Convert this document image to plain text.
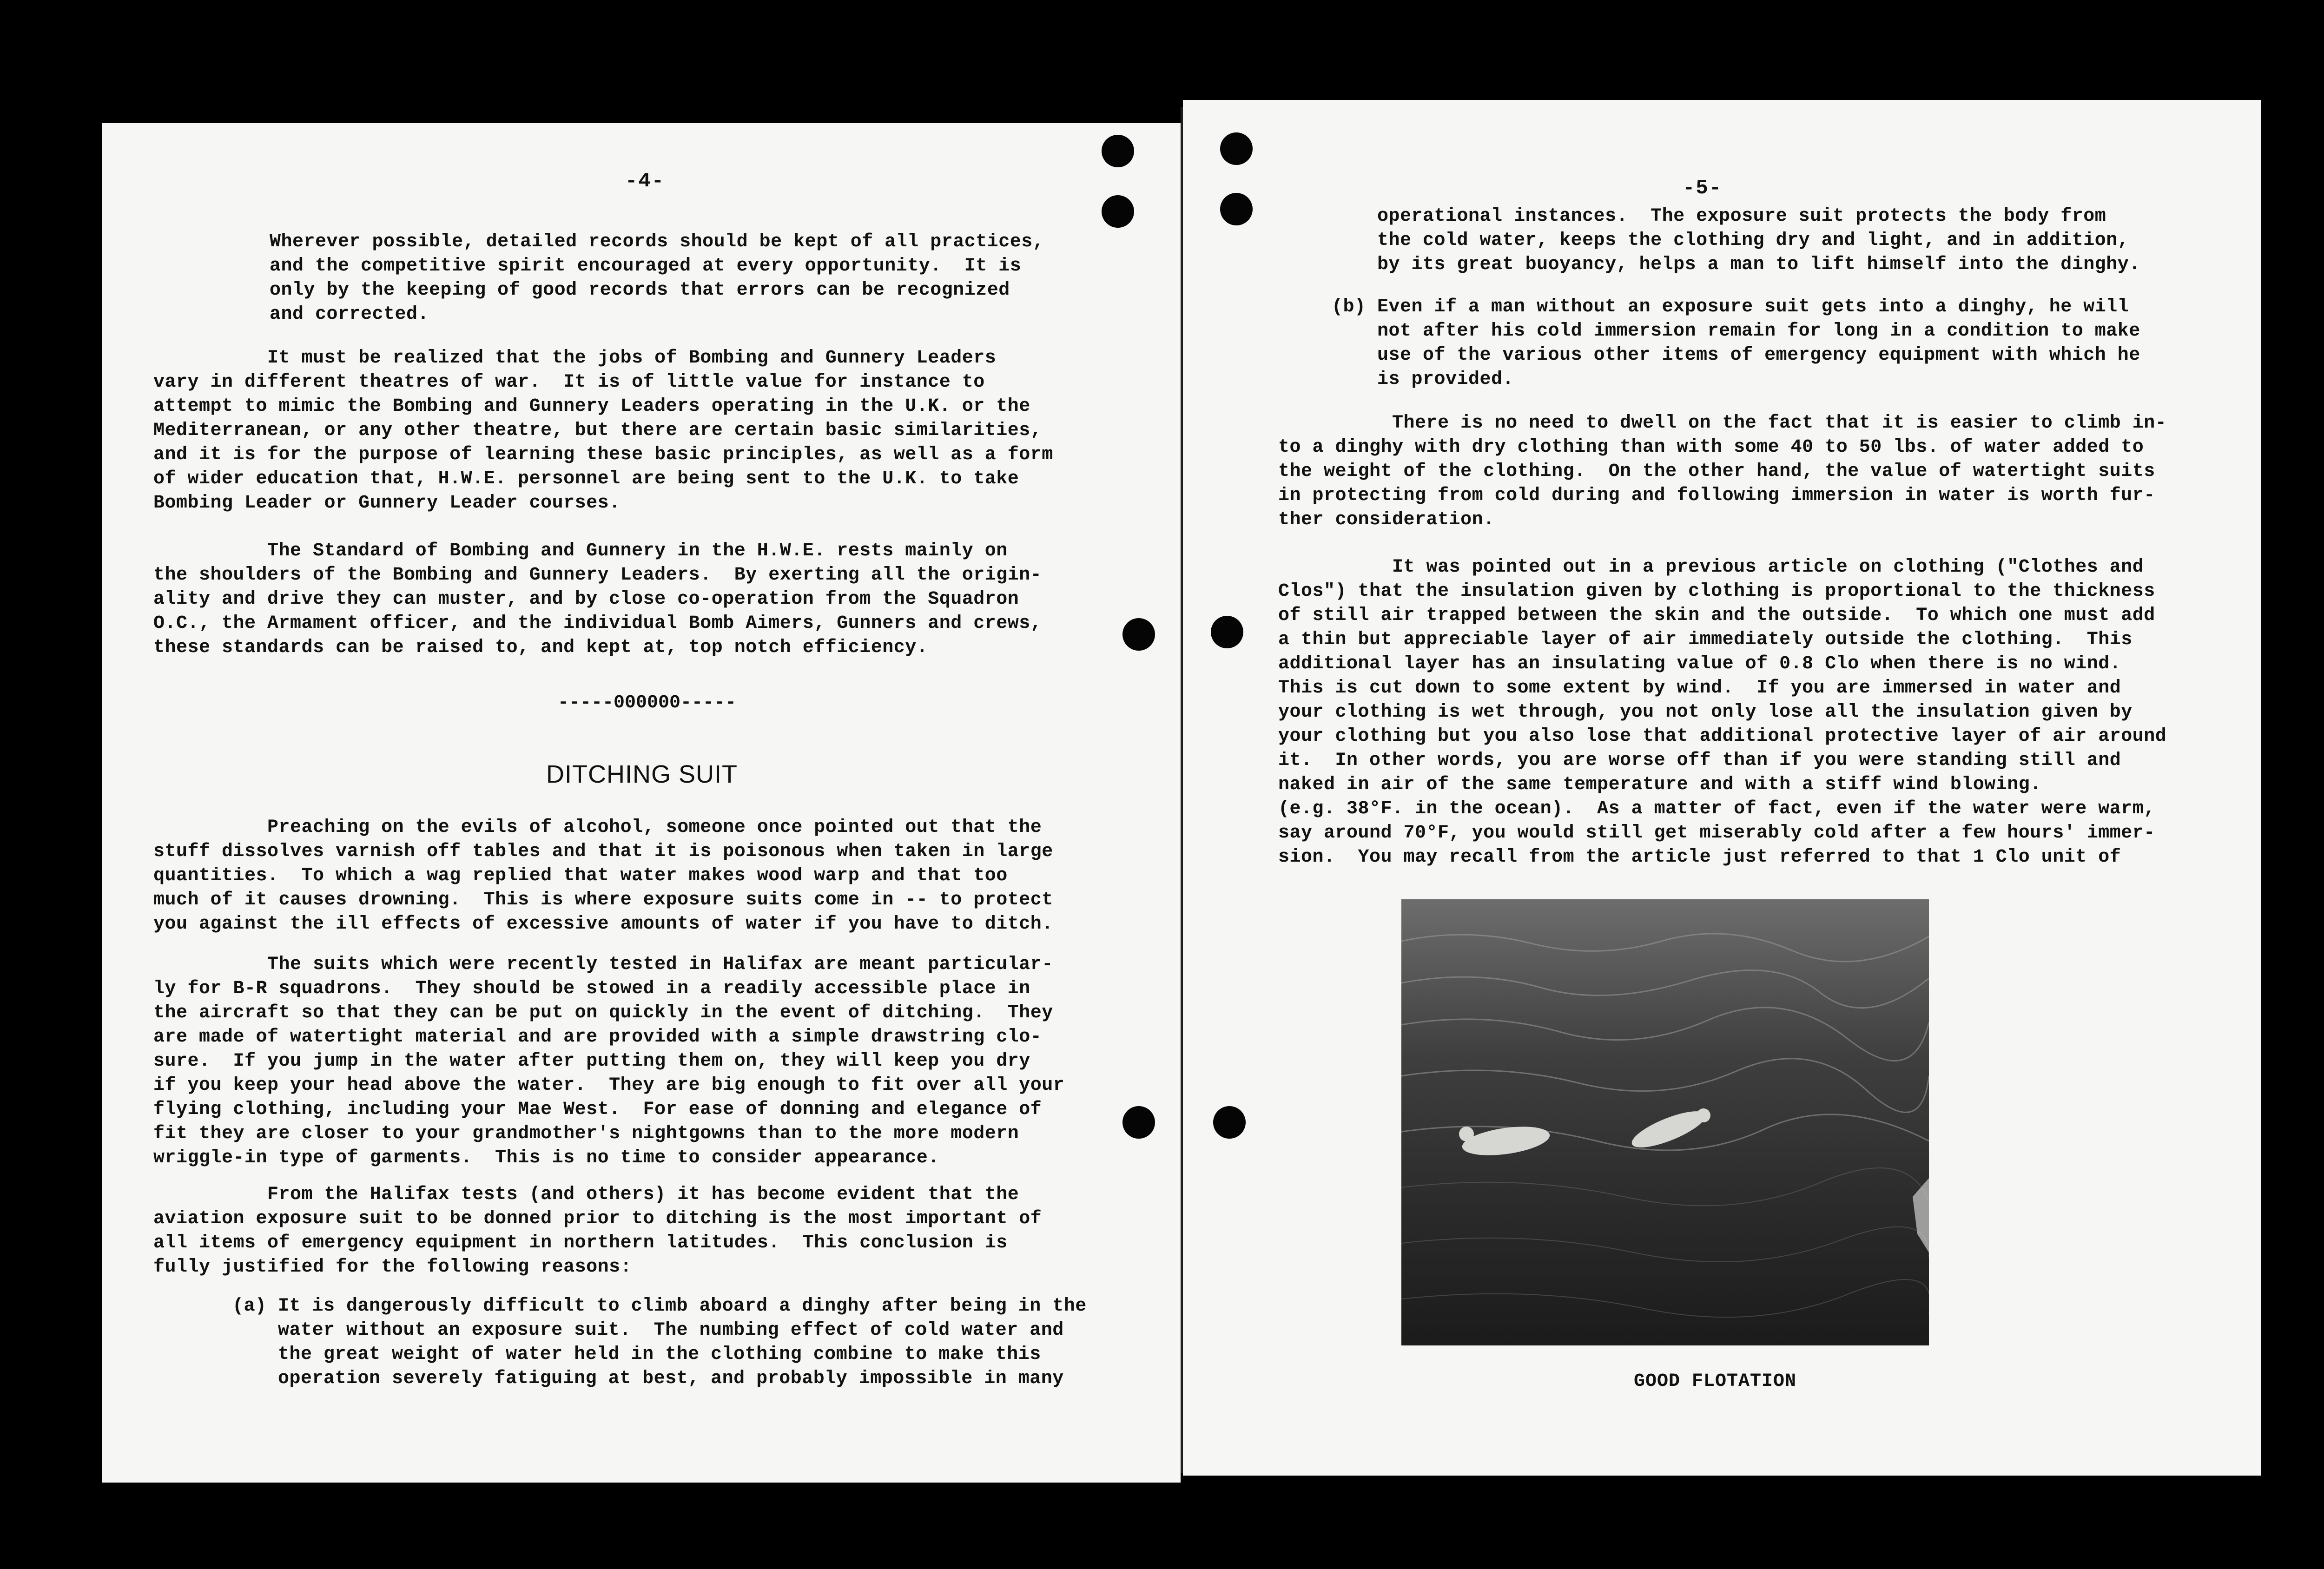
-4-
Wherever possible, detailed records should be kept of all practices,
and the competitive spirit encouraged at every opportunity.  It is
only by the keeping of good records that errors can be recognized
and corrected.
It must be realized that the jobs of Bombing and Gunnery Leaders
vary in different theatres of war.  It is of little value for instance to
attempt to mimic the Bombing and Gunnery Leaders operating in the U.K. or the
Mediterranean, or any other theatre, but there are certain basic similarities,
and it is for the purpose of learning these basic principles, as well as a form
of wider education that, H.W.E. personnel are being sent to the U.K. to take
Bombing Leader or Gunnery Leader courses.
The Standard of Bombing and Gunnery in the H.W.E. rests mainly on
the shoulders of the Bombing and Gunnery Leaders.  By exerting all the origin-
ality and drive they can muster, and by close co-operation from the Squadron
O.C., the Armament officer, and the individual Bomb Aimers, Gunners and crews,
these standards can be raised to, and kept at, top notch efficiency.
-----000000-----
DITCHING SUIT
Preaching on the evils of alcohol, someone once pointed out that the
stuff dissolves varnish off tables and that it is poisonous when taken in large
quantities.  To which a wag replied that water makes wood warp and that too
much of it causes drowning.  This is where exposure suits come in -- to protect
you against the ill effects of excessive amounts of water if you have to ditch.
The suits which were recently tested in Halifax are meant particular-
ly for B-R squadrons.  They should be stowed in a readily accessible place in
the aircraft so that they can be put on quickly in the event of ditching.  They
are made of watertight material and are provided with a simple drawstring clo-
sure.  If you jump in the water after putting them on, they will keep you dry
if you keep your head above the water.  They are big enough to fit over all your
flying clothing, including your Mae West.  For ease of donning and elegance of
fit they are closer to your grandmother's nightgowns than to the more modern
wriggle-in type of garments.  This is no time to consider appearance.
From the Halifax tests (and others) it has become evident that the
aviation exposure suit to be donned prior to ditching is the most important of
all items of emergency equipment in northern latitudes.  This conclusion is
fully justified for the following reasons:
(a) It is dangerously difficult to climb aboard a dinghy after being in the
water without an exposure suit.  The numbing effect of cold water and
the great weight of water held in the clothing combine to make this
operation severely fatiguing at best, and probably impossible in many
-5-
operational instances.  The exposure suit protects the body from
the cold water, keeps the clothing dry and light, and in addition,
by its great buoyancy, helps a man to lift himself into the dinghy.
(b) Even if a man without an exposure suit gets into a dinghy, he will
not after his cold immersion remain for long in a condition to make
use of the various other items of emergency equipment with which he
is provided.
There is no need to dwell on the fact that it is easier to climb in-
to a dinghy with dry clothing than with some 40 to 50 lbs. of water added to
the weight of the clothing.  On the other hand, the value of watertight suits
in protecting from cold during and following immersion in water is worth fur-
ther consideration.
It was pointed out in a previous article on clothing ("Clothes and
Clos") that the insulation given by clothing is proportional to the thickness
of still air trapped between the skin and the outside.  To which one must add
a thin but appreciable layer of air immediately outside the clothing.  This
additional layer has an insulating value of 0.8 Clo when there is no wind.
This is cut down to some extent by wind.  If you are immersed in water and
your clothing is wet through, you not only lose all the insulation given by
your clothing but you also lose that additional protective layer of air around
it.  In other words, you are worse off than if you were standing still and
naked in air of the same temperature and with a stiff wind blowing.
(e.g. 38°F. in the ocean).  As a matter of fact, even if the water were warm,
say around 70°F, you would still get miserably cold after a few hours' immer-
sion.  You may recall from the article just referred to that 1 Clo unit of
GOOD FLOTATION
